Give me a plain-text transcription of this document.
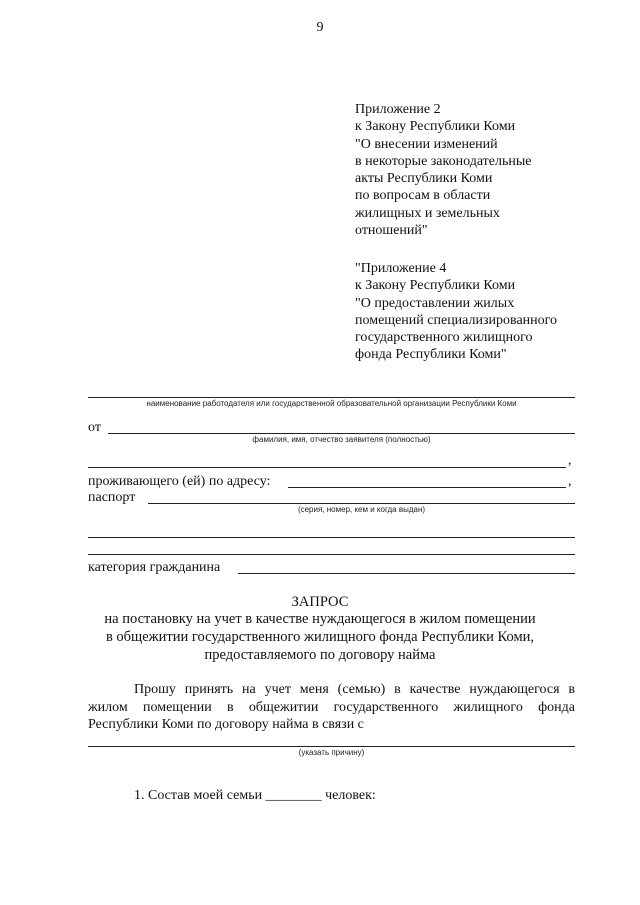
9
Приложение 2
к Закону Республики Коми
"О внесении изменений
в некоторые законодательные
акты Республики Коми
по вопросам в области
жилищных и земельных
отношений"
"Приложение 4
к Закону Республики Коми
"О предоставлении жилых
помещений специализированного
государственного жилищного
фонда Республики Коми"
наименование работодателя или государственной образовательной организации Республики Коми
от
фамилия, имя, отчество заявителя (полностью)
,
проживающего (ей) по адресу:	,
паспорт
(серия, номер, кем и когда выдан)
категория гражданина
ЗАПРОС
на постановку на учет в качестве нуждающегося в жилом помещении
в общежитии государственного жилищного фонда Республики Коми,
предоставляемого по договору найма
Прошу принять на учет меня (семью) в качестве нуждающегося в
жилом помещении в общежитии государственного жилищного фонда
Республики Коми по договору найма в связи с
(указать причину)
1. Состав моей семьи ________ человек:
